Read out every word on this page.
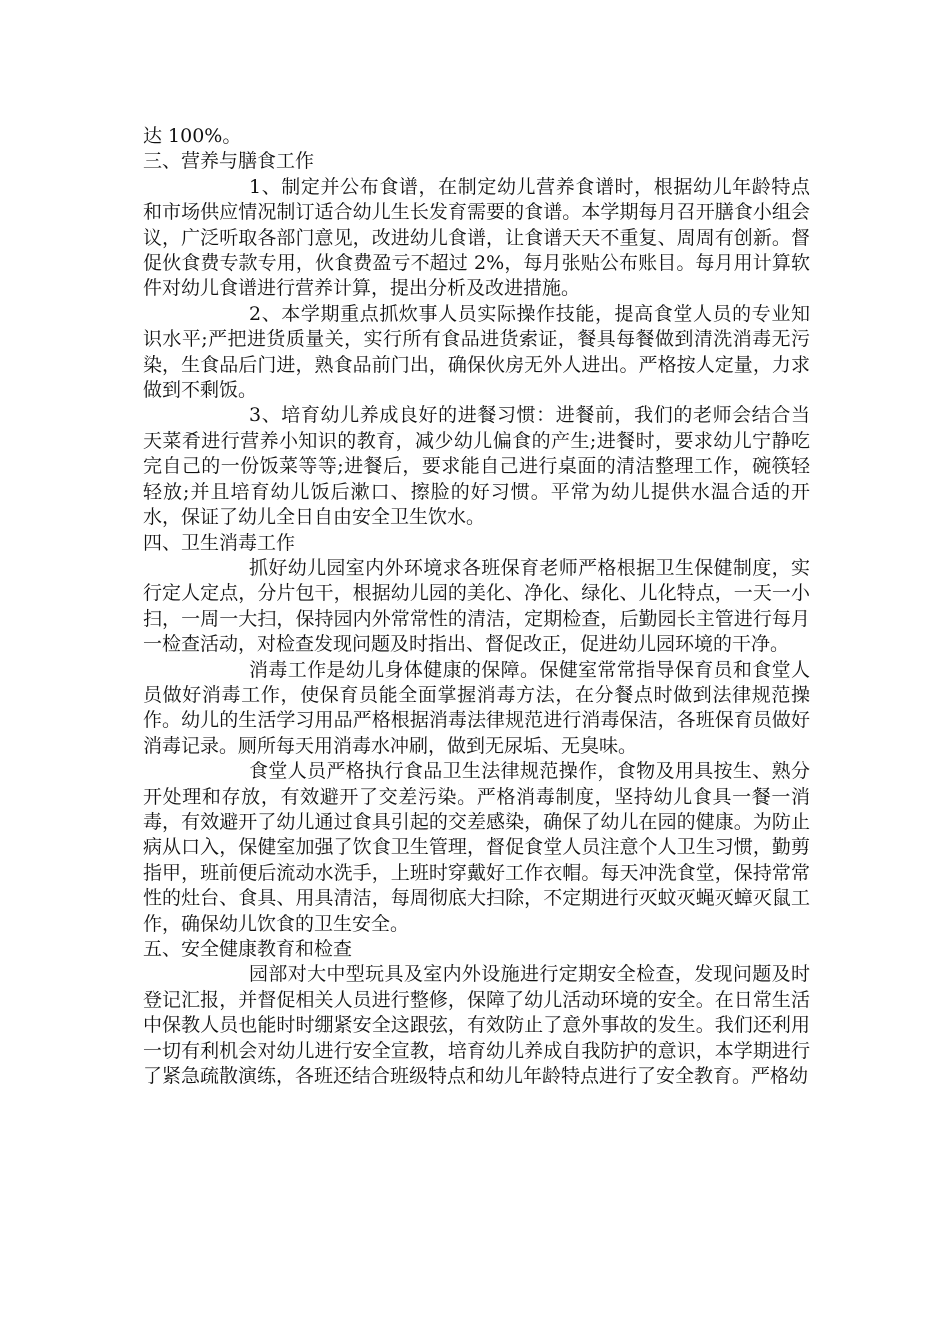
达 100%。

三、营养与膳食工作

1、制定并公布食谱，在制定幼儿营养食谱时，根据幼儿年龄特点和市场供应情况制订适合幼儿生长发育需要的食谱。本学期每月召开膳食小组会议，广泛听取各部门意见，改进幼儿食谱，让食谱天天不重复、周周有创新。督促伙食费专款专用，伙食费盈亏不超过 2%，每月张贴公布账目。每月用计算软件对幼儿食谱进行营养计算，提出分析及改进措施。

2、本学期重点抓炊事人员实际操作技能，提高食堂人员的专业知识水平;严把进货质量关，实行所有食品进货索证，餐具每餐做到清洗消毒无污染，生食品后门进，熟食品前门出，确保伙房无外人进出。严格按人定量，力求做到不剩饭。

3、培育幼儿养成良好的进餐习惯：进餐前，我们的老师会结合当天菜肴进行营养小知识的教育，减少幼儿偏食的产生;进餐时，要求幼儿宁静吃完自己的一份饭菜等等;进餐后，要求能自己进行桌面的清洁整理工作，碗筷轻轻放;并且培育幼儿饭后漱口、擦脸的好习惯。平常为幼儿提供水温合适的开水，保证了幼儿全日自由安全卫生饮水。

四、卫生消毒工作

抓好幼儿园室内外环境求各班保育老师严格根据卫生保健制度，实行定人定点，分片包干，根据幼儿园的美化、净化、绿化、儿化特点，一天一小扫，一周一大扫，保持园内外常常性的清洁，定期检查，后勤园长主管进行每月一检查活动，对检查发现问题及时指出、督促改正，促进幼儿园环境的干净。

消毒工作是幼儿身体健康的保障。保健室常常指导保育员和食堂人员做好消毒工作，使保育员能全面掌握消毒方法，在分餐点时做到法律规范操作。幼儿的生活学习用品严格根据消毒法律规范进行消毒保洁，各班保育员做好消毒记录。厕所每天用消毒水冲刷，做到无尿垢、无臭味。

食堂人员严格执行食品卫生法律规范操作，食物及用具按生、熟分开处理和存放，有效避开了交差污染。严格消毒制度，坚持幼儿食具一餐一消毒，有效避开了幼儿通过食具引起的交差感染，确保了幼儿在园的健康。为防止病从口入，保健室加强了饮食卫生管理，督促食堂人员注意个人卫生习惯，勤剪指甲，班前便后流动水洗手，上班时穿戴好工作衣帽。每天冲洗食堂，保持常常性的灶台、食具、用具清洁，每周彻底大扫除，不定期进行灭蚊灭蝇灭蟑灭鼠工作，确保幼儿饮食的卫生安全。

五、安全健康教育和检查

园部对大中型玩具及室内外设施进行定期安全检查，发现问题及时登记汇报，并督促相关人员进行整修，保障了幼儿活动环境的安全。在日常生活中保教人员也能时时绷紧安全这跟弦，有效防止了意外事故的发生。我们还利用一切有利机会对幼儿进行安全宣教，培育幼儿养成自我防护的意识，本学期进行了紧急疏散演练，各班还结合班级特点和幼儿年龄特点进行了安全教育。严格幼
